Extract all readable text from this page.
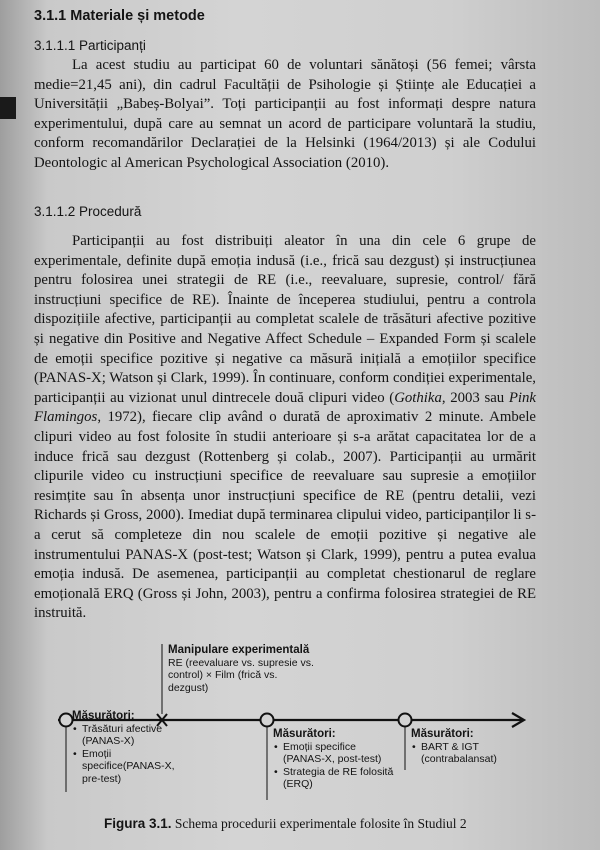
3.1.1 Materiale și metode
3.1.1.1 Participanți

La acest studiu au participat 60 de voluntari sănătoși (56 femei; vârsta medie=21,45 ani), din cadrul Facultății de Psihologie și Științe ale Educației a Universității „Babeș-Bolyai”. Toți participanții au fost informați despre natura experimentului, după care au semnat un acord de participare voluntară la studiu, conform recomandărilor Declarației de la Helsinki (1964/2013) și ale Codului Deontologic al American Psychological Association (2010).

3.1.1.2 Procedură

Participanții au fost distribuiți aleator în una din cele 6 grupe de experimentale, definite după emoția indusă (i.e., frică sau dezgust) și instrucțiunea pentru folosirea unei strategii de RE (i.e., reevaluare, supresie, control/ fără instrucțiuni specifice de RE). Înainte de începerea studiului, pentru a controla dispozițiile afective, participanții au completat scalele de trăsături afective pozitive și negative din Positive and Negative Affect Schedule – Expanded Form și scalele de emoții specifice pozitive și negative ca măsură inițială a emoțiilor specifice (PANAS-X; Watson și Clark, 1999). În continuare, conform condiției experimentale, participanții au vizionat unul dintrecele două clipuri video (Gothika, 2003 sau Pink Flamingos, 1972), fiecare clip având o durată de aproximativ 2 minute. Ambele clipuri video au fost folosite în studii anterioare și s-a arătat capacitatea lor de a induce frică sau dezgust (Rottenberg și colab., 2007). Participanții au urmărit clipurile video cu instrucțiuni specifice de reevaluare sau supresie a emoțiilor resimțite sau în absența unor instrucțiuni specifice de RE (pentru detalii, vezi Richards și Gross, 2000). Imediat după terminarea clipului video, participanților li s-a cerut să completeze din nou scalele de emoții pozitive și negative ale instrumentului PANAS-X (post-test; Watson și Clark, 1999), pentru a putea evalua emoția indusă. De asemenea, participanții au completat chestionarul de reglare emoțională ERQ (Gross și John, 2003), pentru a confirma folosirea strategiei de RE instruită.

Manipulare experimentală
RE (reevaluare vs. supresie vs. control) × Film (frică vs. dezgust)
Măsurători:
• Trăsături afective (PANAS-X)
• Emoții specifice(PANAS-X, pre-test)
Măsurători:
• Emoții specifice (PANAS-X, post-test)
• Strategia de RE folosită (ERQ)
Măsurători:
• BART & IGT (contrabalansat)
Figura 3.1. Schema procedurii experimentale folosite în Studiul 2
